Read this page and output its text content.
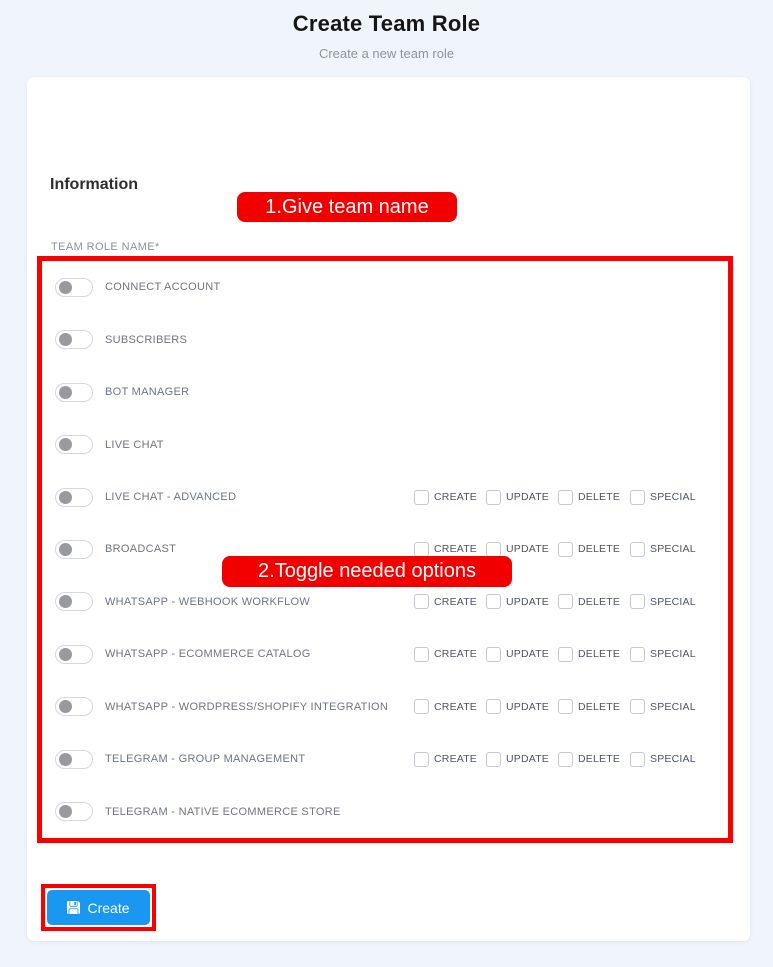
Create Team Role

Create a new team role

Information
TEAM ROLE NAME*
CONNECT ACCOUNT
SUBSCRIBERS
BOT MANAGER
LIVE CHAT
LIVE CHAT - ADVANCED	CREATE	UPDATE	DELETE	SPECIAL
BROADCAST	CREATE	UPDATE	DELETE	SPECIAL
WHATSAPP - WEBHOOK WORKFLOW	CREATE	UPDATE	DELETE	SPECIAL
WHATSAPP - ECOMMERCE CATALOG	CREATE	UPDATE	DELETE	SPECIAL
WHATSAPP - WORDPRESS/SHOPIFY INTEGRATION	CREATE	UPDATE	DELETE	SPECIAL
TELEGRAM - GROUP MANAGEMENT	CREATE	UPDATE	DELETE	SPECIAL
TELEGRAM - NATIVE ECOMMERCE STORE
1.Give team name
2.Toggle needed options
Create
